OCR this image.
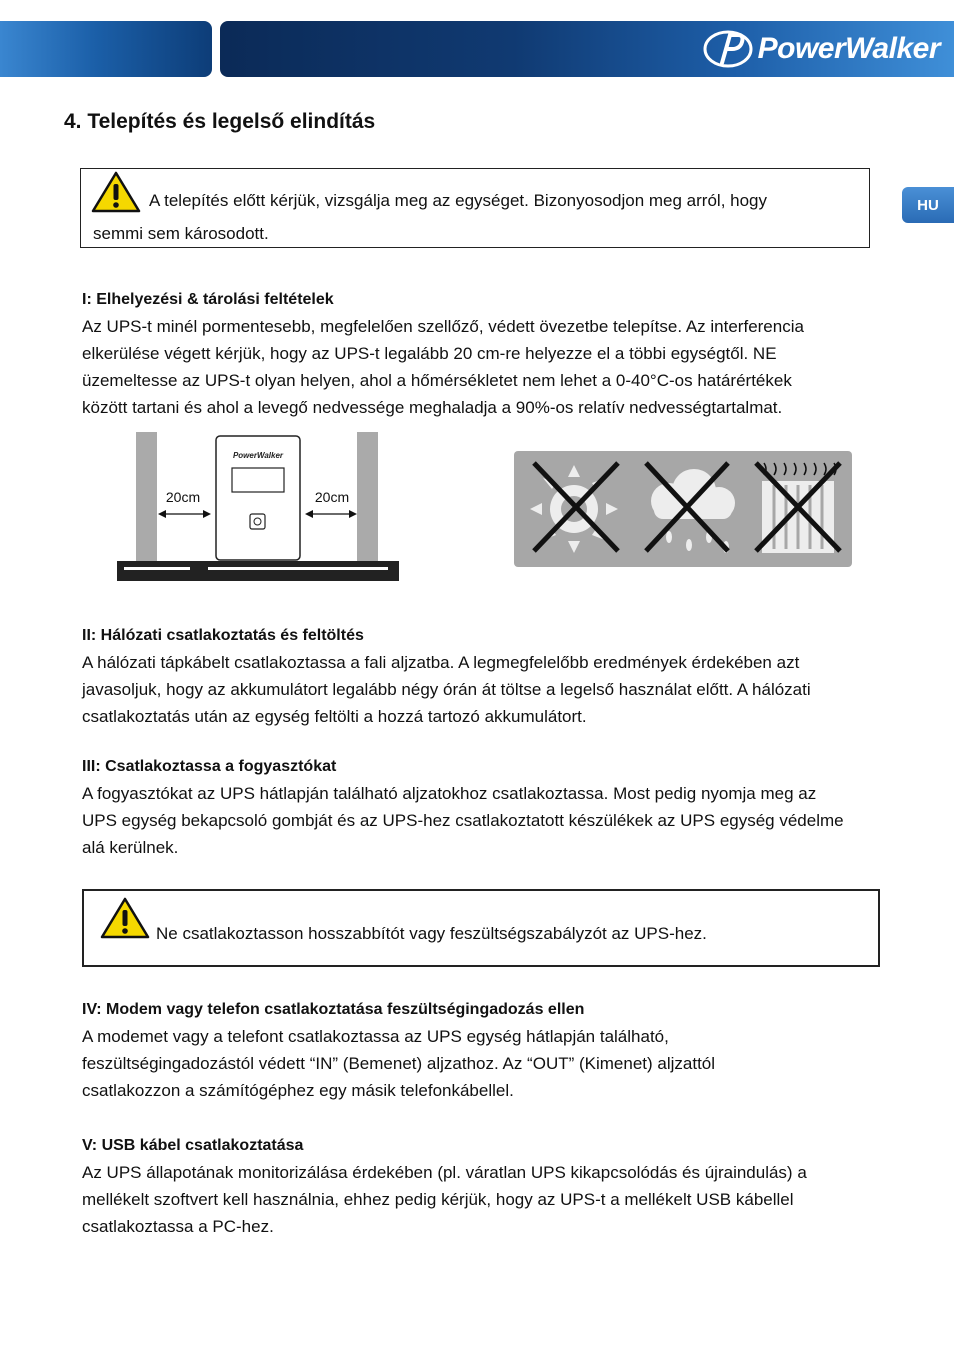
PowerWalker
HU
4. Telepítés és legelső elindítás
A telepítés előtt kérjük, vizsgálja meg az egységet. Bizonyosodjon meg arról, hogy
semmi sem károsodott.
I: Elhelyezési & tárolási feltételek

Az UPS-t minél pormentesebb, megfelelően szellőző, védett övezetbe telepítse. Az interferencia

elkerülése végett kérjük, hogy az UPS-t legalább 20 cm-re helyezze el a többi egységtől. NE

üzemeltesse az UPS-t olyan helyen, ahol a hőmérsékletet nem lehet a 0-40°C-os határértékek

között tartani és ahol a levegő nedvessége meghaladja a 90%-os relatív nedvességtartalmat.

PowerWalker
20cm	20cm
II: Hálózati csatlakoztatás és feltöltés

A hálózati tápkábelt csatlakoztassa a fali aljzatba. A legmegfelelőbb eredmények érdekében azt

javasoljuk, hogy az akkumulátort legalább négy órán át töltse a legelső használat előtt. A hálózati

csatlakoztatás után az egység feltölti a hozzá tartozó akkumulátort.

III: Csatlakoztassa a fogyasztókat

A fogyasztókat az UPS hátlapján található aljzatokhoz csatlakoztassa. Most pedig nyomja meg az

UPS egység bekapcsoló gombját és az UPS-hez csatlakoztatott készülékek az UPS egység védelme

alá kerülnek.

Ne csatlakoztasson hosszabbítót vagy feszültségszabályzót az UPS-hez.
IV: Modem vagy telefon csatlakoztatása feszültségingadozás ellen

A modemet vagy a telefont csatlakoztassa az UPS egység hátlapján található,

feszültségingadozástól védett “IN” (Bemenet) aljzathoz. Az “OUT” (Kimenet) aljzattól

csatlakozzon a számítógéphez egy másik telefonkábellel.

V: USB kábel csatlakoztatása

Az UPS állapotának monitorizálása érdekében (pl. váratlan UPS kikapcsolódás és újraindulás) a

mellékelt szoftvert kell használnia, ehhez pedig kérjük, hogy az UPS-t a mellékelt USB kábellel

csatlakoztassa a PC-hez.
